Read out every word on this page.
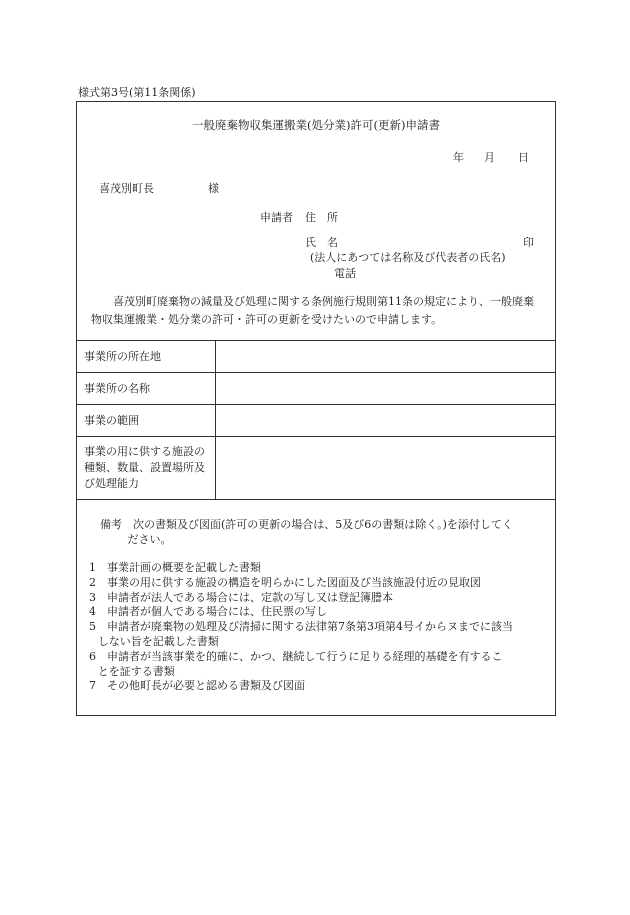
様式第3号(第11条関係)
一般廃棄物収集運搬業(処分業)許可(更新)申請書
年 月 日
喜茂別町長	様
申請者 住　所
氏　名	印
(法人にあつては名称及び代表者の氏名)
電話
喜茂別町廃棄物の減量及び処理に関する条例施行規則第11条の規定により、一般廃棄物収集運搬業・処分業の許可・許可の更新を受けたいので申請します。
事業所の所在地	
事業所の名称	
事業の範囲	
事業の用に供する施設の種類、数量、設置場所及び処理能力	
備考　次の書類及び図面(許可の更新の場合は、5及び6の書類は除く。)を添付してく
ださい。
1　 事業計画の概要を記載した書類
2　 事業の用に供する施設の構造を明らかにした図面及び当該施設付近の見取図
3　 申請者が法人である場合には、定款の写し又は登記簿謄本
4　 申請者が個人である場合には、住民票の写し
5　 申請者が廃棄物の処理及び清掃に関する法律第7条第3項第4号イからヌまでに該当
しない旨を記載した書類
6　 申請者が当該事業を的確に、かつ、継続して行うに足りる経理的基礎を有するこ
とを証する書類
7　 その他町長が必要と認める書類及び図面
